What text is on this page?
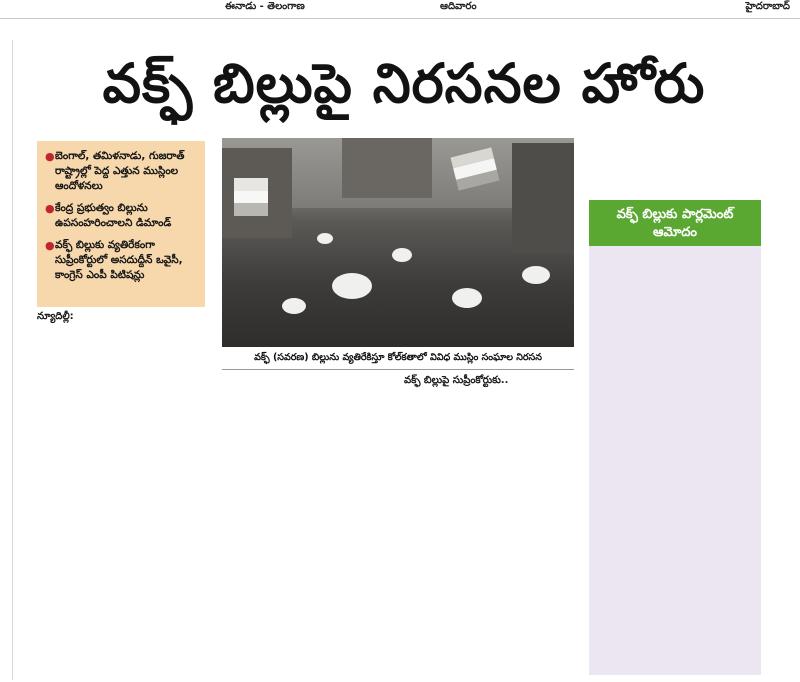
ఈనాడు - తెలంగాణ	ఆదివారం	హైదరాబాద్
వక్ఫ్ బిల్లుపై నిరసనల హోరు
● బెంగాల్, తమిళనాడు, గుజరాత్ రాష్ట్రాల్లో పెద్ద ఎత్తున ముస్లింల ఆందోళనలు
● కేంద్ర ప్రభుత్వం బిల్లును ఉపసంహరించాలని డిమాండ్
● వక్ఫ్ బిల్లుకు వ్యతిరేకంగా సుప్రీంకోర్టులో అసదుద్దీన్ ఒవైసీ, కాంగ్రెస్ ఎంపీ పిటిషన్లు
వక్ఫ్ (సవరణ) బిల్లును వ్యతిరేకిస్తూ కోల్‌కతాలో వివిధ ముస్లిం సంఘాల నిరసన
న్యూదిల్లీ:
వక్ఫ్ బిల్లుపై సుప్రీంకోర్టుకు..
వక్ఫ్ బిల్లుకు పార్లమెంట్ ఆమోదం
